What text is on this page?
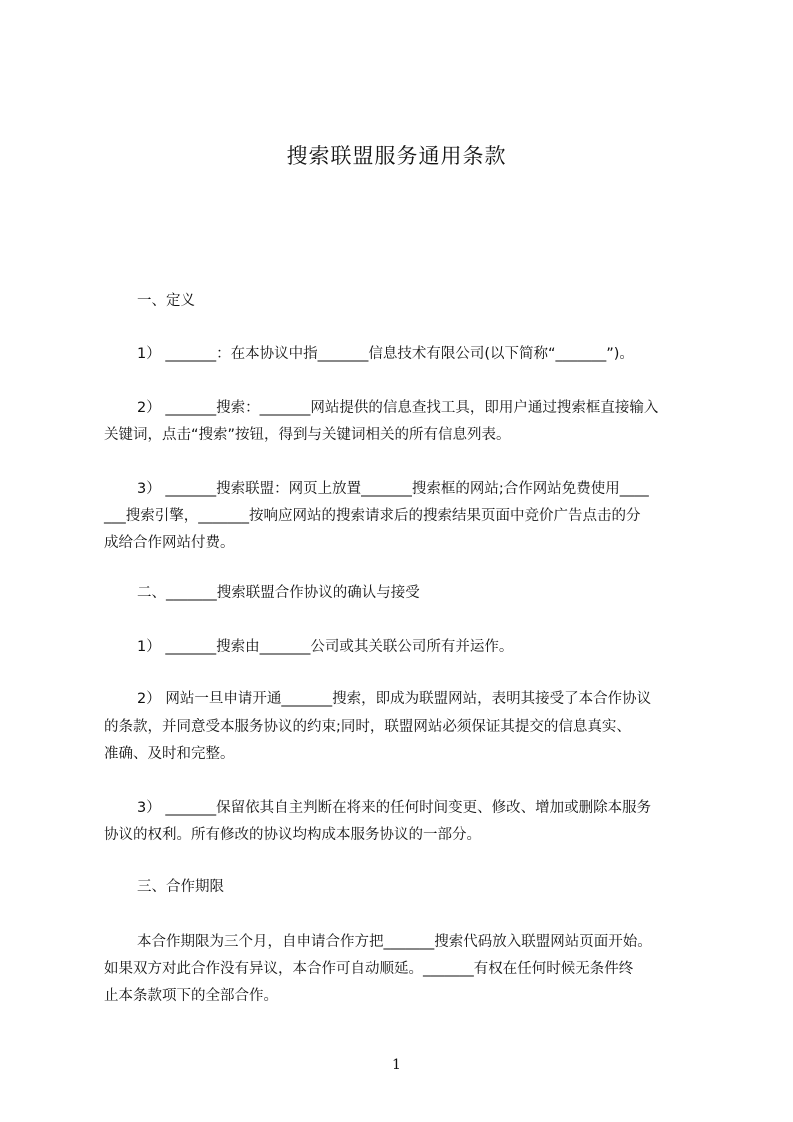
搜索联盟服务通用条款
一、定义
1） _______：在本协议中指_______信息技术有限公司(以下简称“_______”)。
2） _______搜索：_______网站提供的信息查找工具，即用户通过搜索框直接输入
关键词，点击“搜索”按钮，得到与关键词相关的所有信息列表。
3） _______搜索联盟：网页上放置_______搜索框的网站;合作网站免费使用____
___搜索引擎，_______按响应网站的搜索请求后的搜索结果页面中竞价广告点击的分
成给合作网站付费。
二、_______搜索联盟合作协议的确认与接受
1） _______搜索由_______公司或其关联公司所有并运作。
2） 网站一旦申请开通_______搜索，即成为联盟网站，表明其接受了本合作协议
的条款，并同意受本服务协议的约束;同时，联盟网站必须保证其提交的信息真实、
准确、及时和完整。
3） _______保留依其自主判断在将来的任何时间变更、修改、增加或删除本服务
协议的权利。所有修改的协议均构成本服务协议的一部分。
三、合作期限
本合作期限为三个月，自申请合作方把_______搜索代码放入联盟网站页面开始。
如果双方对此合作没有异议，本合作可自动顺延。_______有权在任何时候无条件终
止本条款项下的全部合作。
1
